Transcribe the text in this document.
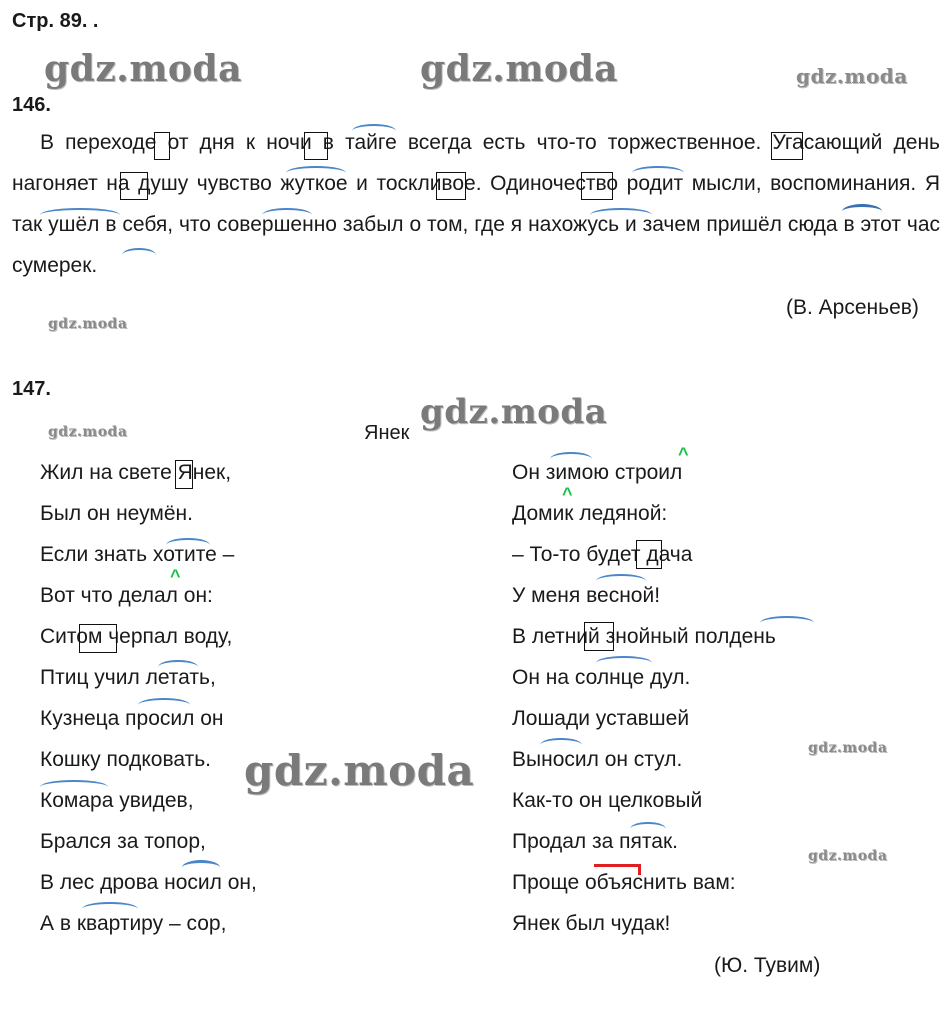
Стр. 89. .
gdz.moda	gdz.moda	gdz.moda
gdz.moda
gdz.moda	gdz.moda
gdz.moda	gdz.moda
gdz.moda
146.
В переходе от дня к ночи в тайге всегда есть что-то торжественное. Угасающий день нагоняет на душу чувство жуткое и тоскливое. Одиночество родит мысли, воспоминания. Я так ушёл в себя, что совершенно забыл о том, где я нахожусь и зачем пришёл сюда в этот час сумерек.
(В. Арсеньев)
147.
Янек
Жил на свете Янек,
Был он неумён.
Если знать хотите –
Вот что делал он:
Ситом черпал воду,
Птиц учил летать,
Кузнеца просил он
Кошку подковать.
Комара увидев,
Брался за топор,
В лес дрова носил он,
А в квартиру – сор,
Он зимою строил
Домик ледяной:
– То-то будет дача
У меня весной!
В летний знойный полдень
Он на солнце дул.
Лошади уставшей
Выносил он стул.
Как-то он целковый
Продал за пятак.
Проще объяснить вам:
Янек был чудак!
^
^
^
(Ю. Тувим)
